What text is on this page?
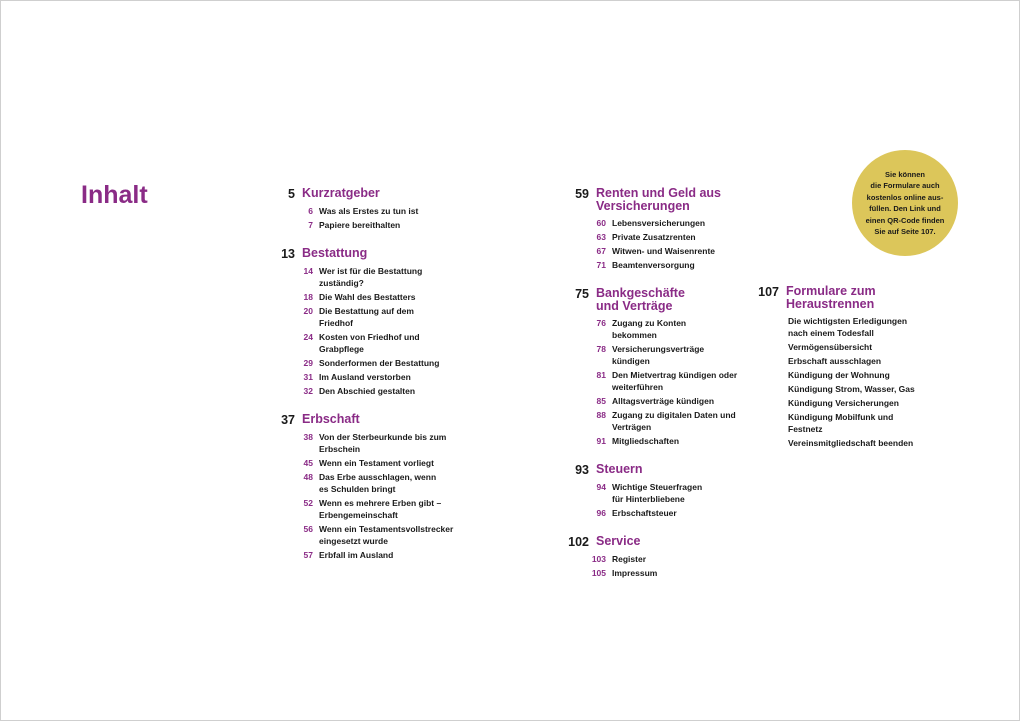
Inhalt	5 Kurzratgeber
6 Was als Erstes zu tun ist
7 Papiere bereithalten
13 Bestattung
14 Wer ist für die Bestattung
zuständig?
18 Die Wahl des Bestatters
20 Die Bestattung auf dem
Friedhof
24 Kosten von Friedhof und
Grabpflege
29 Sonderformen der Bestattung
31 Im Ausland verstorben
32 Den Abschied gestalten
37 Erbschaft
38 Von der Sterbeurkunde bis zum
Erbschein
45 Wenn ein Testament vorliegt
48 Das Erbe ausschlagen, wenn
es Schulden bringt
52 Wenn es mehrere Erben gibt –
Erbengemeinschaft
56 Wenn ein Testamentsvollstrecker
eingesetzt wurde
57 Erbfall im Ausland
59 Renten und Geld aus
Versicherungen
60 Lebensversicherungen
63 Private Zusatzrenten
67 Witwen- und Waisenrente
71 Beamtenversorgung
75 Bankgeschäfte
und Verträge
76 Zugang zu Konten
bekommen
78 Versicherungsverträge
kündigen
81 Den Mietvertrag kündigen oder
weiterführen
85 Alltagsverträge kündigen
88 Zugang zu digitalen Daten und
Verträgen
91 Mitgliedschaften
93 Steuern
94 Wichtige Steuerfragen
für Hinterbliebene
96 Erbschaftsteuer
102 Service
103 Register
105 Impressum
107 Formulare zum
Heraustrennen
Die wichtigsten Erledigungen
nach einem Todesfall
Vermögensübersicht
Erbschaft ausschlagen
Kündigung der Wohnung
Kündigung Strom, Wasser, Gas
Kündigung Versicherungen
Kündigung Mobilfunk und
Festnetz
Vereinsmitgliedschaft beenden
Sie können
die Formulare auch
kostenlos online aus-
füllen. Den Link und
einen QR-Code finden
Sie auf Seite 107.
